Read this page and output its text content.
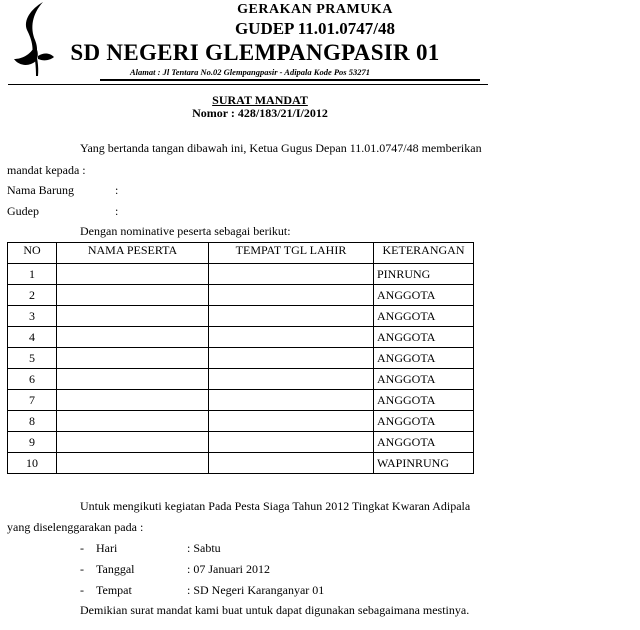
GERAKAN PRAMUKA
GUDEP 11.01.0747/48
SD NEGERI GLEMPANGPASIR 01
Alamat : Jl Tentara No.02 Glempangpasir - Adipala Kode Pos 53271
SURAT MANDAT
Nomor : 428/183/21/I/2012
Yang bertanda tangan dibawah ini, Ketua Gugus Depan 11.01.0747/48 memberikan
mandat kepada :
Nama Barung	:
Gudep	:
Dengan nominative peserta sebagai berikut:
NO	NAMA PESERTA	TEMPAT TGL LAHIR	KETERANGAN
1			PINRUNG
2			ANGGOTA
3			ANGGOTA
4			ANGGOTA
5			ANGGOTA
6			ANGGOTA
7			ANGGOTA
8			ANGGOTA
9			ANGGOTA
10			WAPINRUNG
Untuk mengikuti kegiatan Pada Pesta Siaga Tahun 2012 Tingkat Kwaran Adipala
yang diselenggarakan pada :
- Hari	: Sabtu
- Tanggal	: 07 Januari 2012
- Tempat	: SD Negeri Karanganyar 01
Demikian surat mandat kami buat untuk dapat digunakan sebagaimana mestinya.
